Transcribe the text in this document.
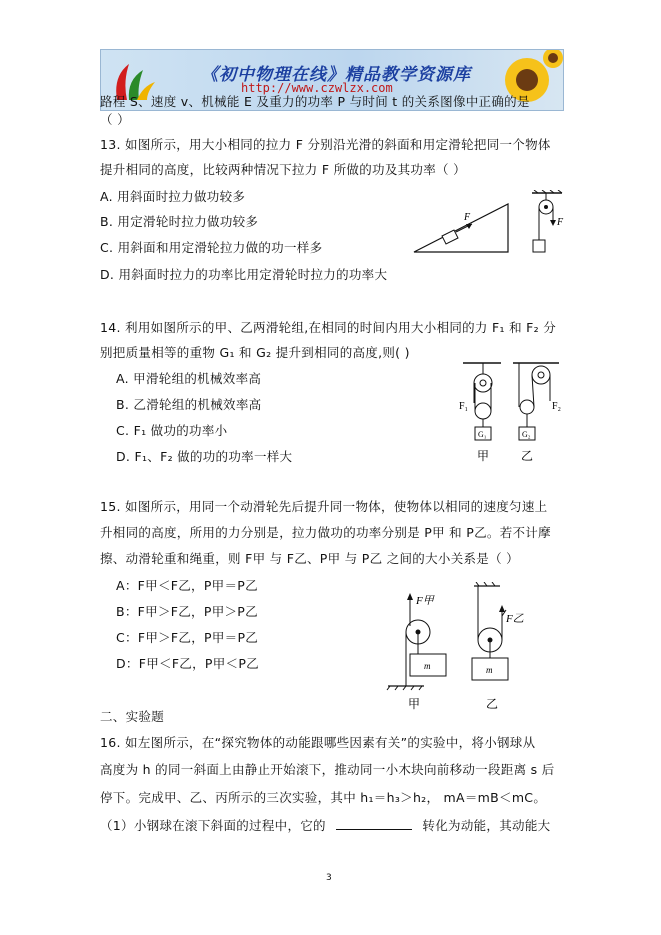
《初中物理在线》精品教学资源库
http://www.czwlzx.com
路程 S、速度 v、机械能 E 及重力的功率 P 与时间 t 的关系图像中正确的是
（ ）
13. 如图所示，用大小相同的拉力 F 分别沿光滑的斜面和用定滑轮把同一个物体
提升相同的高度，比较两种情况下拉力 F 所做的功及其功率（ ）
A. 用斜面时拉力做功较多
B. 用定滑轮时拉力做功较多
C. 用斜面和用定滑轮拉力做的功一样多
D. 用斜面时拉力的功率比用定滑轮时拉力的功率大
F	F
14. 利用如图所示的甲、乙两滑轮组,在相同的时间内用大小相同的力 F₁ 和 F₂ 分
别把质量相等的重物 G₁ 和 G₂ 提升到相同的高度,则( )
A. 甲滑轮组的机械效率高
B. 乙滑轮组的机械效率高
C. F₁ 做功的功率小
D. F₁、F₂ 做的功的功率一样大
F₁
G₁
甲
F₂
G₂
乙
15. 如图所示，用同一个动滑轮先后提升同一物体，使物体以相同的速度匀速上
升相同的高度，所用的力分别是，拉力做功的功率分别是 P甲 和 P乙。若不计摩
擦、动滑轮重和绳重，则 F甲 与 F乙、P甲 与 P乙 之间的大小关系是（ ）
A：F甲＜F乙，P甲＝P乙
B：F甲＞F乙，P甲＞P乙
C：F甲＞F乙，P甲＝P乙
D：F甲＜F乙，P甲＜P乙
F甲
m
甲
F乙
m
乙
二、实验题
16. 如左图所示，在“探究物体的动能跟哪些因素有关”的实验中，将小钢球从
高度为 h 的同一斜面上由静止开始滚下，推动同一小木块向前移动一段距离 s 后
停下。完成甲、乙、丙所示的三次实验，其中 h₁＝h₃＞h₂， mA＝mB＜mC。
（1）小钢球在滚下斜面的过程中，它的	转化为动能，其动能大
3
